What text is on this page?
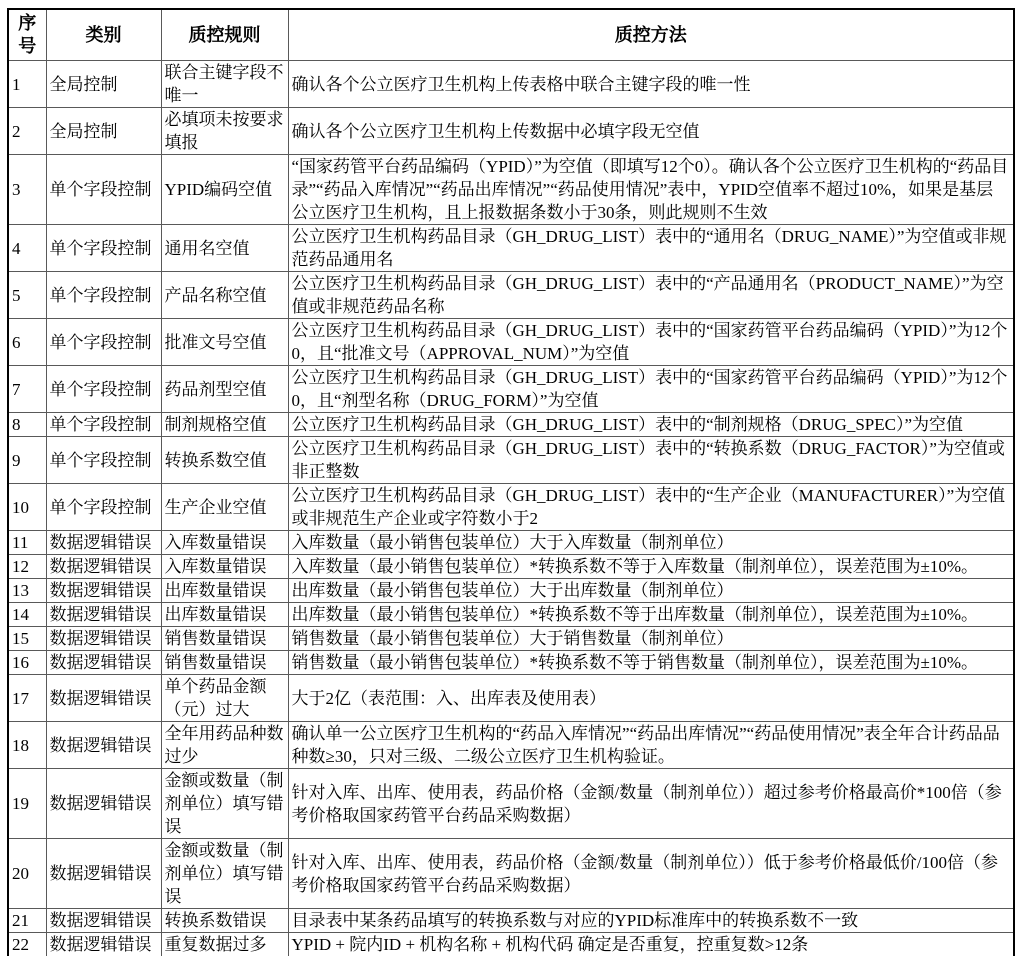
序号	类别	质控规则	质控方法
1	全局控制	联合主键字段不唯一	确认各个公立医疗卫生机构上传表格中联合主键字段的唯一性
2	全局控制	必填项未按要求填报	确认各个公立医疗卫生机构上传数据中必填字段无空值
3	单个字段控制	YPID编码空值	“国家药管平台药品编码（YPID）”为空值（即填写12个0）。确认各个公立医疗卫生机构的“药品目录”“药品入库情况”“药品出库情况”“药品使用情况”表中，YPID空值率不超过10%，如果是基层公立医疗卫生机构，且上报数据条数小于30条，则此规则不生效
4	单个字段控制	通用名空值	公立医疗卫生机构药品目录（GH_DRUG_LIST）表中的“通用名（DRUG_NAME）”为空值或非规范药品通用名
5	单个字段控制	产品名称空值	公立医疗卫生机构药品目录（GH_DRUG_LIST）表中的“产品通用名（PRODUCT_NAME）”为空值或非规范药品名称
6	单个字段控制	批准文号空值	公立医疗卫生机构药品目录（GH_DRUG_LIST）表中的“国家药管平台药品编码（YPID）”为12个0，且“批准文号（APPROVAL_NUM）”为空值
7	单个字段控制	药品剂型空值	公立医疗卫生机构药品目录（GH_DRUG_LIST）表中的“国家药管平台药品编码（YPID）”为12个0，且“剂型名称（DRUG_FORM）”为空值
8	单个字段控制	制剂规格空值	公立医疗卫生机构药品目录（GH_DRUG_LIST）表中的“制剂规格（DRUG_SPEC）”为空值
9	单个字段控制	转换系数空值	公立医疗卫生机构药品目录（GH_DRUG_LIST）表中的“转换系数（DRUG_FACTOR）”为空值或非正整数
10	单个字段控制	生产企业空值	公立医疗卫生机构药品目录（GH_DRUG_LIST）表中的“生产企业（MANUFACTURER）”为空值或非规范生产企业或字符数小于2
11	数据逻辑错误	入库数量错误	入库数量（最小销售包装单位）大于入库数量（制剂单位）
12	数据逻辑错误	入库数量错误	入库数量（最小销售包装单位）*转换系数不等于入库数量（制剂单位），误差范围为±10%。
13	数据逻辑错误	出库数量错误	出库数量（最小销售包装单位）大于出库数量（制剂单位）
14	数据逻辑错误	出库数量错误	出库数量（最小销售包装单位）*转换系数不等于出库数量（制剂单位），误差范围为±10%。
15	数据逻辑错误	销售数量错误	销售数量（最小销售包装单位）大于销售数量（制剂单位）
16	数据逻辑错误	销售数量错误	销售数量（最小销售包装单位）*转换系数不等于销售数量（制剂单位），误差范围为±10%。
17	数据逻辑错误	单个药品金额（元）过大	大于2亿（表范围：入、出库表及使用表）
18	数据逻辑错误	全年用药品种数过少	确认单一公立医疗卫生机构的“药品入库情况”“药品出库情况”“药品使用情况”表全年合计药品品种数≥30，只对三级、二级公立医疗卫生机构验证。
19	数据逻辑错误	金额或数量（制剂单位）填写错误	针对入库、出库、使用表，药品价格（金额/数量（制剂单位））超过参考价格最高价*100倍（参考价格取国家药管平台药品采购数据）
20	数据逻辑错误	金额或数量（制剂单位）填写错误	针对入库、出库、使用表，药品价格（金额/数量（制剂单位））低于参考价格最低价/100倍（参考价格取国家药管平台药品采购数据）
21	数据逻辑错误	转换系数错误	目录表中某条药品填写的转换系数与对应的YPID标准库中的转换系数不一致
22	数据逻辑错误	重复数据过多	YPID + 院内ID + 机构名称 + 机构代码 确定是否重复，控重复数>12条
